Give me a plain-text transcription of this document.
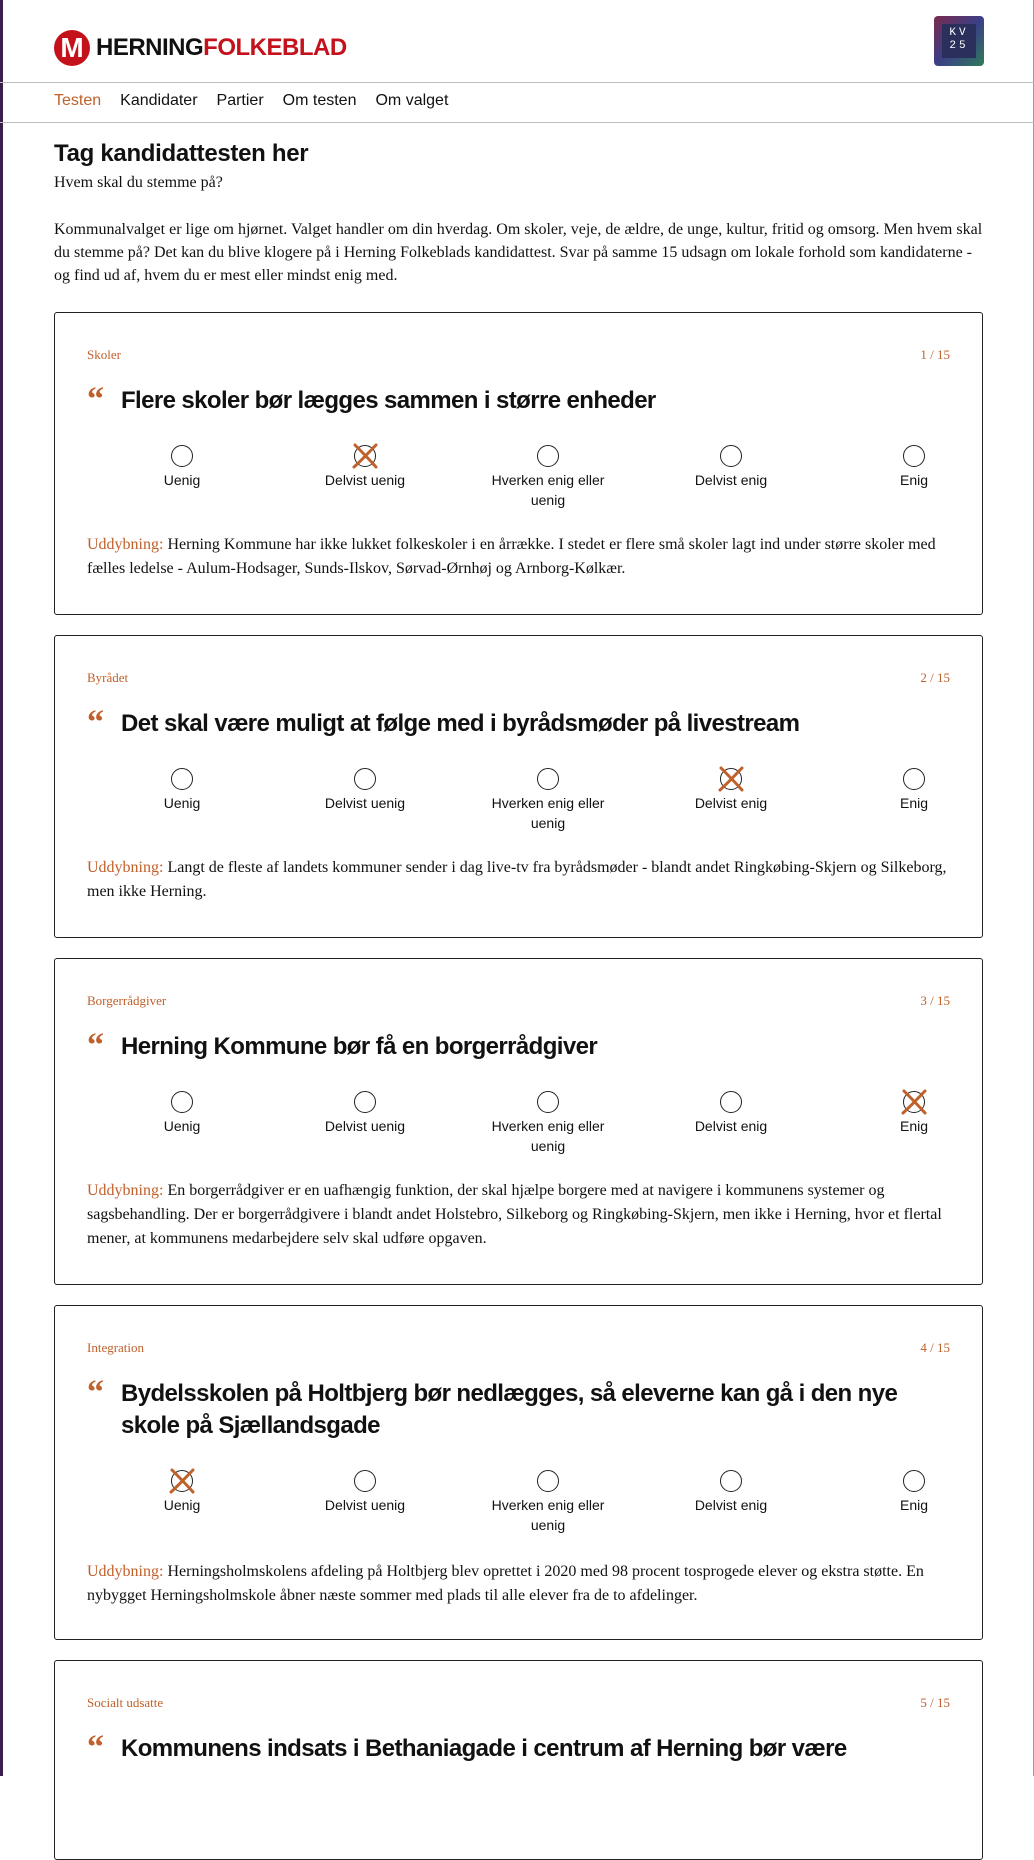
M HERNINGFOLKEBLAD
KV
25
Testen Kandidater Partier Om testen Om valget
Tag kandidattesten her

Hvem skal du stemme på?

Kommunalvalget er lige om hjørnet. Valget handler om din hverdag. Om skoler, veje, de ældre, de unge, kultur, fritid og omsorg. Men hvem skal du stemme på? Det kan du blive klogere på i Herning Folkeblads kandidattest. Svar på samme 15 udsagn om lokale forhold som kandidaterne - og find ud af, hvem du er mest eller mindst enig med.

Skoler	1 / 15
“ Flere skoler bør lægges sammen i større enheder
Uenig	Delvist uenig	Hverken enig eller uenig
Delvist enig	Enig
Uddybning: Herning Kommune har ikke lukket folkeskoler i en årrække. I stedet er flere små skoler lagt ind under større skoler med fælles ledelse - Aulum-Hodsager, Sunds-Ilskov, Sørvad-Ørnhøj og Arnborg-Kølkær.
Byrådet	2 / 15
“ Det skal være muligt at følge med i byrådsmøder på livestream
Uenig	Delvist uenig	Hverken enig eller uenig
Delvist enig	Enig
Uddybning: Langt de fleste af landets kommuner sender i dag live-tv fra byrådsmøder - blandt andet Ringkøbing-Skjern og Silkeborg, men ikke Herning.
Borgerrådgiver	3 / 15
“ Herning Kommune bør få en borgerrådgiver
Uenig	Delvist uenig	Hverken enig eller uenig
Delvist enig	Enig
Uddybning: En borgerrådgiver er en uafhængig funktion, der skal hjælpe borgere med at navigere i kommunens systemer og sagsbehandling. Der er borgerrådgivere i blandt andet Holstebro, Silkeborg og Ringkøbing-Skjern, men ikke i Herning, hvor et flertal mener, at kommunens medarbejdere selv skal udføre opgaven.
Integration	4 / 15
“ Bydelsskolen på Holtbjerg bør nedlægges, så eleverne kan gå i den nye skole på Sjællandsgade
Uenig	Delvist uenig	Hverken enig eller uenig
Delvist enig	Enig
Uddybning: Herningsholmskolens afdeling på Holtbjerg blev oprettet i 2020 med 98 procent tosprogede elever og ekstra støtte. En nybygget Herningsholmskole åbner næste sommer med plads til alle elever fra de to afdelinger.
Socialt udsatte	5 / 15
“ Kommunens indsats i Bethaniagade i centrum af Herning bør være
